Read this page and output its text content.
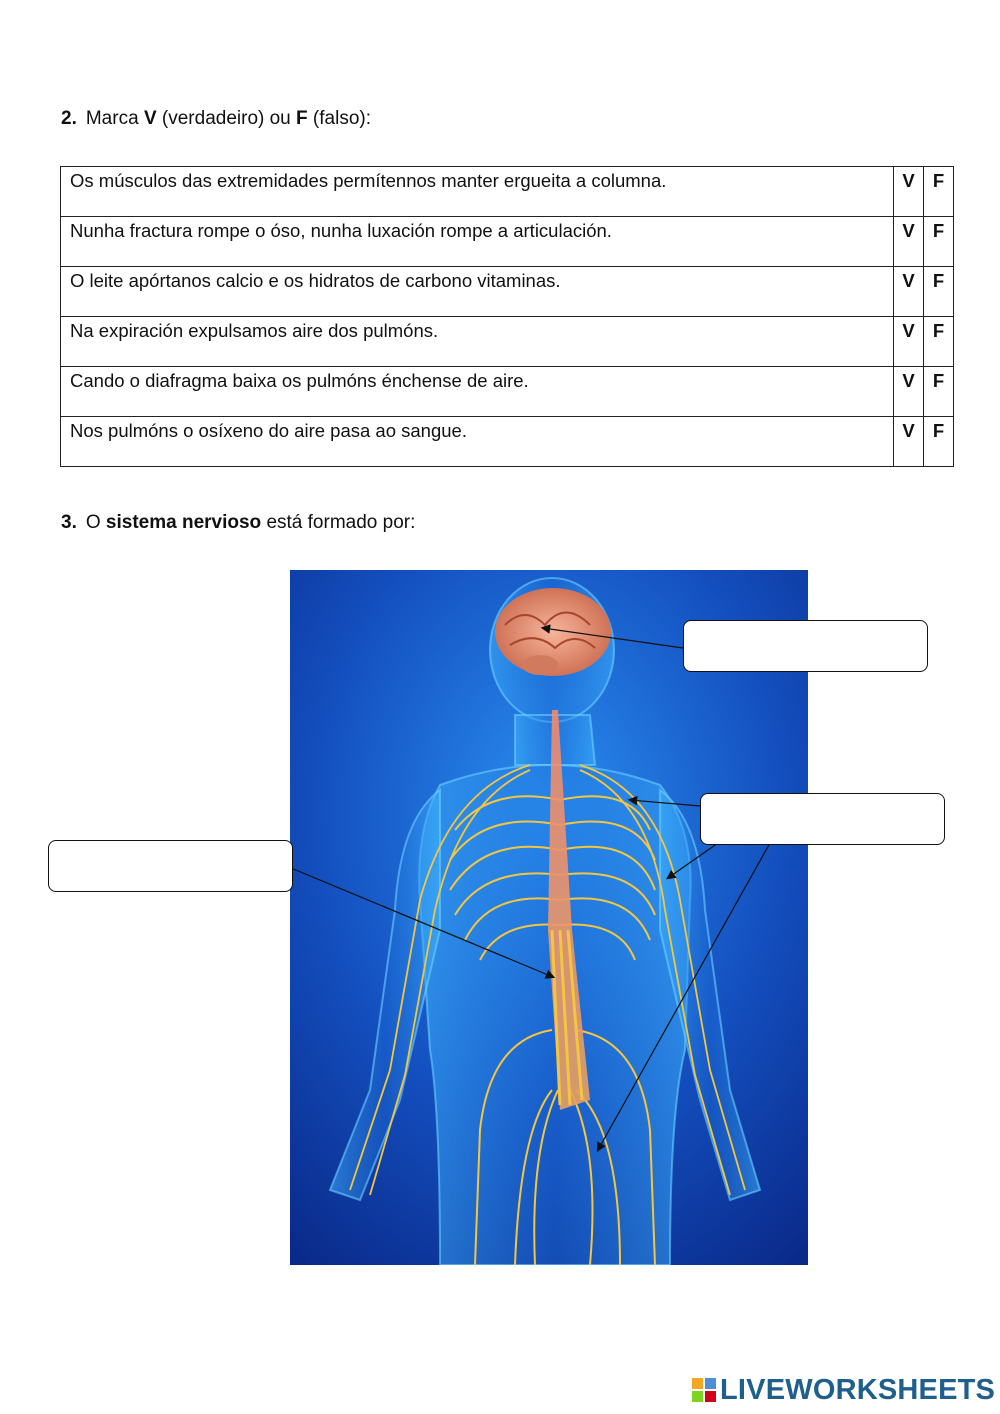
2. Marca V (verdadeiro) ou F (falso):
Os músculos das extremidades permítennos manter ergueita a columna.	V	F
Nunha fractura rompe o óso, nunha luxación rompe a articulación.	V	F
O leite apórtanos calcio e os hidratos de carbono vitaminas.	V	F
Na expiración expulsamos aire dos pulmóns.	V	F
Cando o diafragma baixa os pulmóns énchense de aire.	V	F
Nos pulmóns o osíxeno do aire pasa ao sangue.	V	F
3. O sistema nervioso está formado por:
LIVEWORKSHEETS
